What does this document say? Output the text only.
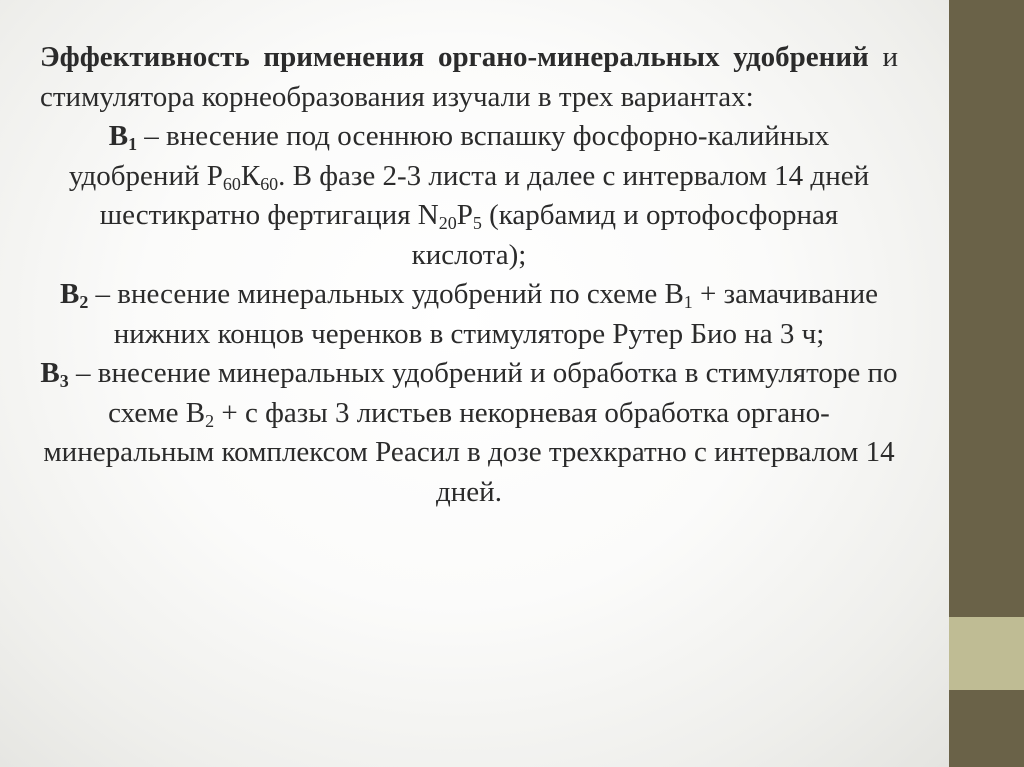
Эффективность применения органо-минеральных удобрений и стимулятора корнеобразования изучали в трех вариантах:

$В_1$ – внесение под осеннюю вспашку фосфорно-калийных удобрений $Р_{60}К_{60}$. В фазе 2-3 листа и далее с интервалом 14 дней шестикратно фертигация $N_{20}Р_5$ (карбамид и ортофосфорная кислота);

$В_2$ – внесение минеральных удобрений по схеме $В_1$ + замачивание нижних концов черенков в стимуляторе Рутер Био на 3 ч;

$В_3$ – внесение минеральных удобрений и обработка в стимуляторе по схеме $В_2 + с$ фазы 3 листьев некорневая обработка органо-минеральным комплексом Реасил в дозе трехкратно с интервалом 14 дней.
